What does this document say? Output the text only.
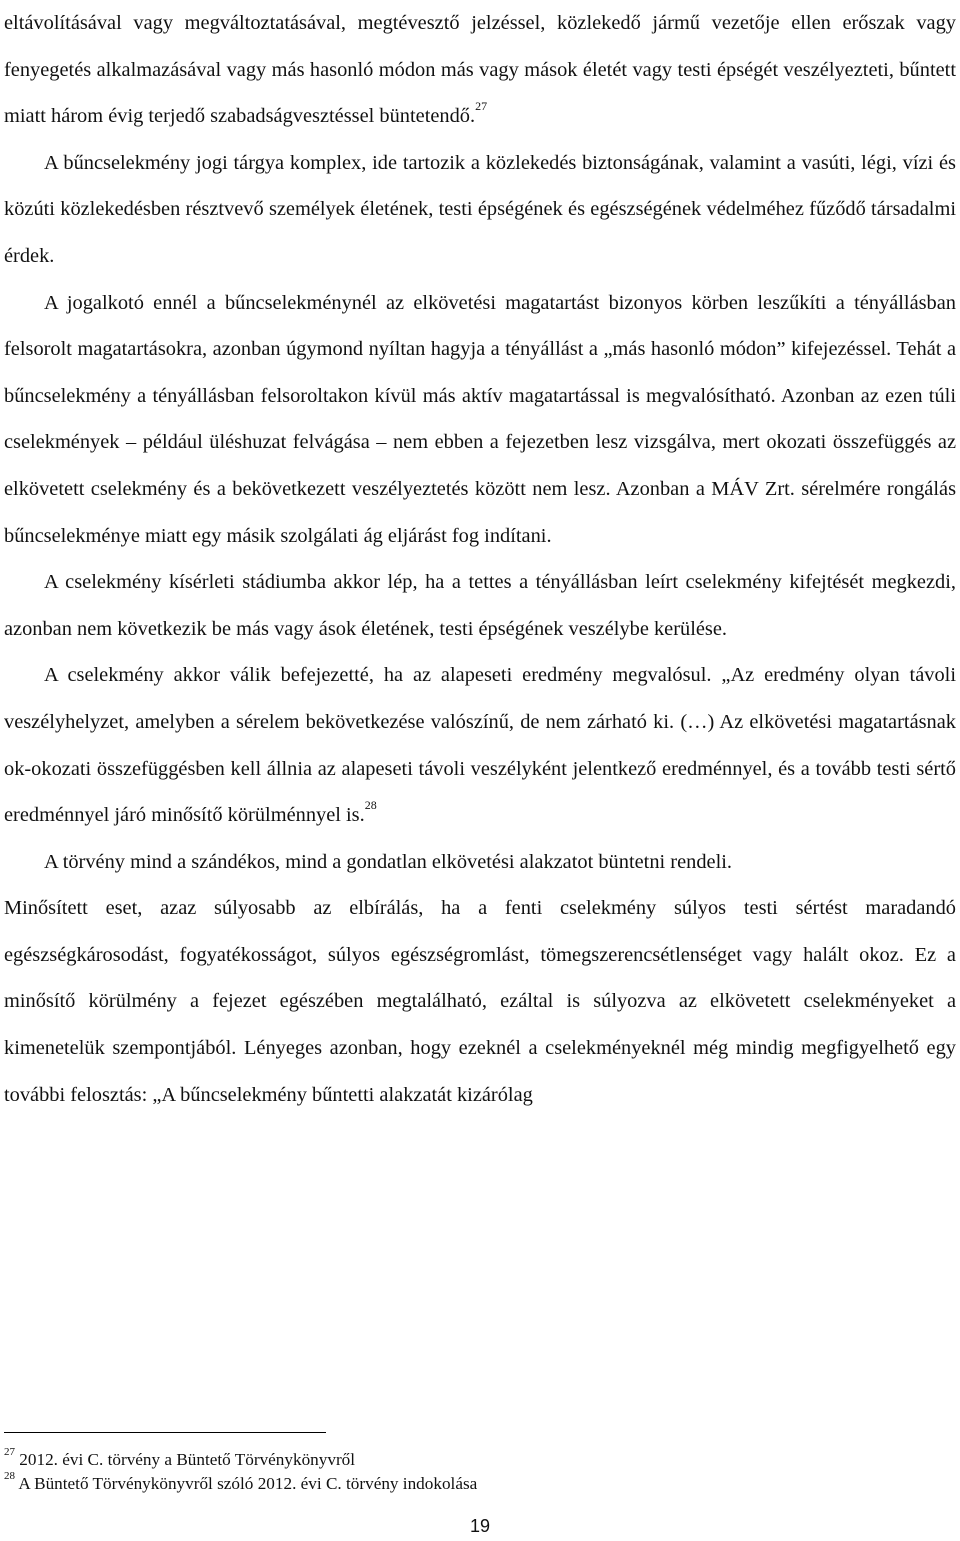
eltávolításával vagy megváltoztatásával, megtévesztő jelzéssel, közlekedő jármű vezetője ellen erőszak vagy fenyegetés alkalmazásával vagy más hasonló módon más vagy mások életét vagy testi épségét veszélyezteti, bűntett miatt három évig terjedő szabadságvesztéssel büntetendő.$^{27}$

A bűncselekmény jogi tárgya komplex, ide tartozik a közlekedés biztonságának, valamint a vasúti, légi, vízi és közúti közlekedésben résztvevő személyek életének, testi épségének és egészségének védelméhez fűződő társadalmi érdek.

A jogalkotó ennél a bűncselekménynél az elkövetési magatartást bizonyos körben leszűkíti a tényállásban felsorolt magatartásokra, azonban úgymond nyíltan hagyja a tényállást a „más hasonló módon” kifejezéssel. Tehát a bűncselekmény a tényállásban felsoroltakon kívül más aktív magatartással is megvalósítható. Azonban az ezen túli cselekmények – például üléshuzat felvágása – nem ebben a fejezetben lesz vizsgálva, mert okozati összefüggés az elkövetett cselekmény és a bekövetkezett veszélyeztetés között nem lesz. Azonban a MÁV Zrt. sérelmére rongálás bűncselekménye miatt egy másik szolgálati ág eljárást fog indítani.

A cselekmény kísérleti stádiumba akkor lép, ha a tettes a tényállásban leírt cselekmény kifejtését megkezdi, azonban nem következik be más vagy ások életének, testi épségének veszélybe kerülése.

A cselekmény akkor válik befejezetté, ha az alapeseti eredmény megvalósul. „Az eredmény olyan távoli veszélyhelyzet, amelyben a sérelem bekövetkezése valószínű, de nem zárható ki. (…) Az elkövetési magatartásnak ok-okozati összefüggésben kell állnia az alapeseti távoli veszélyként jelentkező eredménnyel, és a tovább testi sértő eredménnyel járó minősítő körülménnyel is.$^{28}$

A törvény mind a szándékos, mind a gondatlan elkövetési alakzatot büntetni rendeli.

Minősített eset, azaz súlyosabb az elbírálás, ha a fenti cselekmény súlyos testi sértést maradandó egészségkárosodást, fogyatékosságot, súlyos egészségromlást, tömegszerencsétlenséget vagy halált okoz. Ez a minősítő körülmény a fejezet egészében megtalálható, ezáltal is súlyozva az elkövetett cselekményeket a kimenetelük szempontjából. Lényeges azonban, hogy ezeknél a cselekményeknél még mindig megfigyelhető egy további felosztás: „A bűncselekmény bűntetti alakzatát kizárólag

$^{27}$ 2012. évi C. törvény a Büntető Törvénykönyvről

$^{28}$ A Büntető Törvénykönyvről szóló 2012. évi C. törvény indokolása

19
